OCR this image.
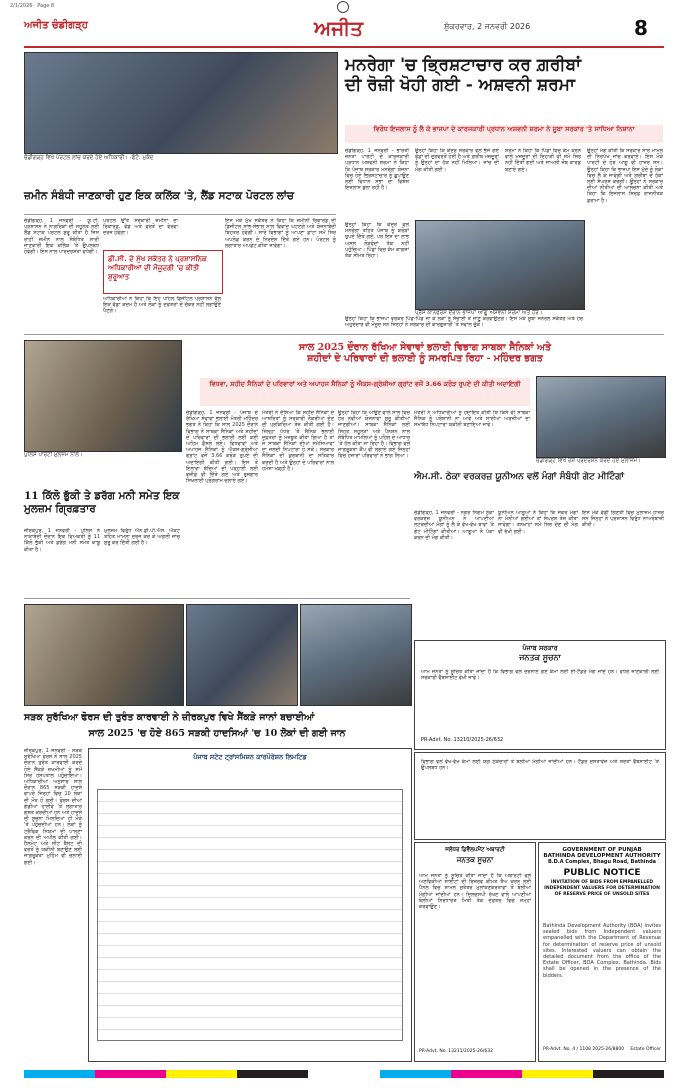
2/1/2026 · Page 8
ਅਜੀਤ ਚੰਡੀਗੜ੍ਹ	ਅਜੀਤ	ਸ਼ੁੱਕਰਵਾਰ, 2 ਜਨਵਰੀ 2026	8
ਚੰਡੀਗੜ੍ਹ ਵਿਖੇ ਪੋਰਟਲ ਲਾਂਚ ਕਰਦੇ ਹੋਏ ਅਧਿਕਾਰੀ। -ਫੋਟੋ: ਮੁਕੰਦ
ਮਨਰੇਗਾ 'ਚ ਭ੍ਰਿਸ਼ਟਾਚਾਰ ਕਰ ਗ਼ਰੀਬਾਂ
ਦੀ ਰੋਜ਼ੀ ਖੋਹੀ ਗਈ - ਅਸ਼ਵਨੀ ਸ਼ਰਮਾ
ਵਿਰੋਧ ਇਜਲਾਸ ਨੂੰ ਲੈ ਕੇ ਭਾਜਪਾ ਦੇ ਕਾਰਜਕਾਰੀ ਪ੍ਰਧਾਨ ਅਸ਼ਵਨੀ ਸ਼ਰਮਾ ਨੇ ਸੂਬਾ ਸਰਕਾਰ 'ਤੇ ਸਾਧਿਆ ਨਿਸ਼ਾਨਾ
ਚੰਡੀਗੜ੍ਹ, 1 ਜਨਵਰੀ - ਭਾਰਤੀ ਜਨਤਾ ਪਾਰਟੀ ਦੇ ਕਾਰਜਕਾਰੀ ਪ੍ਰਧਾਨ ਅਸ਼ਵਨੀ ਸ਼ਰਮਾ ਨੇ ਕਿਹਾ ਕਿ ਪੰਜਾਬ ਸਰਕਾਰ ਮਨਰੇਗਾ ਯੋਜਨਾ ਵਿਚ ਹੋਏ ਭ੍ਰਿਸ਼ਟਾਚਾਰ ਨੂੰ ਛੁਪਾਉਣ ਲਈ ਵਿਧਾਨ ਸਭਾ ਦਾ ਵਿਸ਼ੇਸ਼ ਇਜਲਾਸ ਬੁਲਾ ਰਹੀ ਹੈ।
ਉਨ੍ਹਾਂ ਕਿਹਾ ਕਿ ਕੇਂਦਰ ਸਰਕਾਰ ਵਲੋਂ ਭੇਜੇ ਗਏ ਫੰਡਾਂ ਦੀ ਦੁਰਵਰਤੋਂ ਹੋਈ ਹੈ ਅਤੇ ਗ਼ਰੀਬ ਮਜ਼ਦੂਰਾਂ ਨੂੰ ਉਨ੍ਹਾਂ ਦਾ ਹੱਕ ਨਹੀਂ ਮਿਲਿਆ। ਜਾਂਚ ਦੀ ਮੰਗ ਕੀਤੀ ਗਈ।
ਸ਼ਰਮਾ ਨੇ ਕਿਹਾ ਕਿ ਪਿੰਡਾਂ ਵਿਚ ਕੰਮ ਕਰਨ ਵਾਲੇ ਮਜ਼ਦੂਰਾਂ ਦੀ ਦਿਹਾੜੀ ਵੀ ਸਮੇਂ ਸਿਰ ਨਹੀਂ ਦਿੱਤੀ ਗਈ ਅਤੇ ਜਾਅਲੀ ਜੌਬ ਕਾਰਡ ਬਣਾਏ ਗਏ।
ਉਨ੍ਹਾਂ ਮੰਗ ਕੀਤੀ ਕਿ ਸਰਕਾਰ ਸਾਰੇ ਮਾਮਲੇ ਦੀ ਨਿਰਪੱਖ ਜਾਂਚ ਕਰਵਾਏ। ਇਸ ਮੌਕੇ ਪਾਰਟੀ ਦੇ ਹੋਰ ਆਗੂ ਵੀ ਹਾਜ਼ਰ ਸਨ। ਉਨ੍ਹਾਂ ਕਿਹਾ ਕਿ ਭਾਜਪਾ ਇਸ ਮੁੱਦੇ ਨੂੰ ਲੋਕਾਂ ਵਿਚ ਲੈ ਕੇ ਜਾਵੇਗੀ ਅਤੇ ਗ਼ਰੀਬਾਂ ਦੇ ਹੱਕਾਂ ਲਈ ਸੰਘਰਸ਼ ਕਰੇਗੀ। ਉਨ੍ਹਾਂ ਨੇ ਸਰਕਾਰ ਦੀਆਂ ਨੀਤੀਆਂ ਦੀ ਆਲੋਚਨਾ ਕੀਤੀ ਅਤੇ ਕਿਹਾ ਕਿ ਇਜਲਾਸ ਸਿਰਫ਼ ਰਾਜਨੀਤਕ ਡਰਾਮਾ ਹੈ।
ਪ੍ਰੈੱਸ ਕਾਨਫਰੰਸ ਦੌਰਾਨ ਭਾਜਪਾ ਆਗੂ ਅਸ਼ਵਨੀ ਸ਼ਰਮਾ ਅਤੇ ਹੋਰ।
ਉਨ੍ਹਾਂ ਕਿਹਾ ਕਿ ਕੇਂਦਰ ਵਲੋਂ ਮਨਰੇਗਾ ਤਹਿਤ ਪੰਜਾਬ ਨੂੰ ਕਰੋੜਾਂ ਰੁਪਏ ਦਿੱਤੇ ਗਏ, ਪਰ ਇਸ ਦਾ ਲਾਭ ਅਸਲ ਲੋੜਵੰਦਾਂ ਤੱਕ ਨਹੀਂ ਪਹੁੰਚਿਆ। ਪਿੰਡਾਂ ਵਿਚ ਕੰਮ ਕਾਗਜ਼ਾਂ ਤੱਕ ਸੀਮਤ ਰਿਹਾ।
ਉਨ੍ਹਾਂ ਕਿਹਾ ਕਿ ਭਾਜਪਾ ਵਰਕਰ ਪਿੰਡ-ਪਿੰਡ ਜਾ ਕੇ ਲੋਕਾਂ ਨੂੰ ਸੱਚਾਈ ਤੋਂ ਜਾਣੂ ਕਰਵਾਉਣਗੇ। ਇਸ ਮੌਕੇ ਸੂਬਾ ਜਨਰਲ ਸਕੱਤਰ ਅਤੇ ਹੋਰ ਅਹੁਦੇਦਾਰ ਵੀ ਮੌਜੂਦ ਸਨ ਜਿਨ੍ਹਾਂ ਨੇ ਸਰਕਾਰ ਦੀ ਕਾਰਗੁਜ਼ਾਰੀ 'ਤੇ ਸਵਾਲ ਚੁੱਕੇ।
ਜ਼ਮੀਨ ਸੰਬੰਧੀ ਜਾਣਕਾਰੀ ਹੁਣ ਇਕ ਕਲਿੱਕ 'ਤੇ, ਲੈਂਡ ਸਟਾਕ ਪੋਰਟਲ ਲਾਂਚ
ਚੰਡੀਗੜ੍ਹ, 1 ਜਨਵਰੀ - ਯੂ.ਟੀ. ਪ੍ਰਸ਼ਾਸਨ ਨੇ ਨਾਗਰਿਕਾਂ ਦੀ ਸਹੂਲਤ ਲਈ ਲੈਂਡ ਸਟਾਕ ਪੋਰਟਲ ਸ਼ੁਰੂ ਕੀਤਾ ਹੈ ਜਿਸ ਰਾਹੀਂ ਜ਼ਮੀਨ ਨਾਲ ਸੰਬੰਧਿਤ ਸਾਰੀ ਜਾਣਕਾਰੀ ਇਕ ਕਲਿੱਕ 'ਤੇ ਉਪਲਬਧ ਹੋਵੇਗੀ। ਇਸ ਨਾਲ ਪਾਰਦਰਸ਼ਤਾ ਵਧੇਗੀ।
ਪੋਰਟਲ ਉੱਤੇ ਸਰਕਾਰੀ ਜ਼ਮੀਨਾਂ ਦਾ ਰਿਕਾਰਡ, ਵੰਡ ਅਤੇ ਵਰਤੋਂ ਦਾ ਵੇਰਵਾ ਦਰਜ ਹੋਵੇਗਾ।
ਡੀ.ਸੀ. ਦੇ ਮੁੱਖ ਸਕੱਤਰ ਨੇ ਪ੍ਰਸ਼ਾਸਨਿਕ ਅਧਿਕਾਰੀਆਂ ਦੀ ਮੌਜੂਦਗੀ 'ਚ ਕੀਤੀ ਸ਼ੁਰੂਆਤ
ਅਧਿਕਾਰੀਆਂ ਨੇ ਕਿਹਾ ਕਿ ਇਹ ਪਹਿਲ ਡਿਜੀਟਲ ਪ੍ਰਸ਼ਾਸਨ ਵੱਲ ਇਕ ਵੱਡਾ ਕਦਮ ਹੈ ਅਤੇ ਲੋਕਾਂ ਨੂੰ ਦਫ਼ਤਰਾਂ ਦੇ ਚੱਕਰ ਨਹੀਂ ਲਗਾਉਣੇ ਪੈਣਗੇ।
ਇਸ ਮੌਕੇ ਮੁੱਖ ਸਕੱਤਰ ਨੇ ਕਿਹਾ ਕਿ ਜ਼ਮੀਨੀ ਰਿਕਾਰਡ ਦੀ ਡਿਜੀਟਲ ਸਾਂਭ-ਸੰਭਾਲ ਨਾਲ ਵਿਵਾਦ ਘਟਣਗੇ ਅਤੇ ਯੋਜਨਾਬੰਦੀ ਬਿਹਤਰ ਹੋਵੇਗੀ। ਸਾਰੇ ਵਿਭਾਗਾਂ ਨੂੰ ਆਪਣਾ ਡਾਟਾ ਸਮੇਂ ਸਿਰ ਅਪਲੋਡ ਕਰਨ ਦੇ ਨਿਰਦੇਸ਼ ਦਿੱਤੇ ਗਏ ਹਨ। ਪੋਰਟਲ ਨੂੰ ਲਗਾਤਾਰ ਅਪਡੇਟ ਕੀਤਾ ਜਾਵੇਗਾ।
ਪੁਲਿਸ ਪਾਰਟੀ ਮੁਲਜ਼ਮ ਨਾਲ।
ਸਾਲ 2025 ਦੌਰਾਨ ਰੱਖਿਆ ਸੇਵਾਵਾਂ ਭਲਾਈ ਵਿਭਾਗ ਸਾਬਕਾ ਸੈਨਿਕਾਂ ਅਤੇ
ਸ਼ਹੀਦਾਂ ਦੇ ਪਰਿਵਾਰਾਂ ਦੀ ਭਲਾਈ ਨੂੰ ਸਮਰਪਿਤ ਰਿਹਾ - ਮਹਿੰਦਰ ਭਗਤ
ਵਿਧਵਾ, ਸ਼ਹੀਦ ਸੈਨਿਕਾਂ ਦੇ ਪਰਿਵਾਰਾਂ ਅਤੇ ਅਪਾਹਜ ਸੈਨਿਕਾਂ ਨੂੰ ਐਕਸ-ਗ੍ਰੇਸ਼ੀਆ ਗ੍ਰਾਂਟ ਵਜੋਂ 3.66 ਕਰੋੜ ਰੁਪਏ ਦੀ ਕੀਤੀ ਅਦਾਇਗੀ
ਚੰਡੀਗੜ੍ਹ ਵਿਖੇ ਰੋਸ ਪ੍ਰਦਰਸ਼ਨ ਕਰਦੇ ਹੋਏ ਮੁਲਾਜ਼ਮ।
ਚੰਡੀਗੜ੍ਹ, 1 ਜਨਵਰੀ - ਪੰਜਾਬ ਦੇ ਰੱਖਿਆ ਸੇਵਾਵਾਂ ਭਲਾਈ ਮੰਤਰੀ ਮਹਿੰਦਰ ਭਗਤ ਨੇ ਕਿਹਾ ਕਿ ਸਾਲ 2025 ਦੌਰਾਨ ਵਿਭਾਗ ਨੇ ਸਾਬਕਾ ਸੈਨਿਕਾਂ ਅਤੇ ਸ਼ਹੀਦਾਂ ਦੇ ਪਰਿਵਾਰਾਂ ਦੀ ਭਲਾਈ ਲਈ ਕਈ ਅਹਿਮ ਫ਼ੈਸਲੇ ਲਏ। ਵਿਧਵਾਵਾਂ ਅਤੇ ਅਪਾਹਜ ਸੈਨਿਕਾਂ ਨੂੰ ਐਕਸ-ਗ੍ਰੇਸ਼ੀਆ ਗ੍ਰਾਂਟ ਵਜੋਂ 3.66 ਕਰੋੜ ਰੁਪਏ ਦੀ ਅਦਾਇਗੀ ਕੀਤੀ ਗਈ। ਇਸ ਤੋਂ ਇਲਾਵਾ ਬੱਚਿਆਂ ਦੀ ਪੜ੍ਹਾਈ ਲਈ ਵਜ਼ੀਫ਼ੇ ਵੀ ਦਿੱਤੇ ਗਏ ਅਤੇ ਰੁਜ਼ਗਾਰ ਸਿਖਲਾਈ ਪ੍ਰੋਗਰਾਮ ਚਲਾਏ ਗਏ।
ਮੰਤਰੀ ਨੇ ਦੱਸਿਆ ਕਿ ਸ਼ਹੀਦ ਸੈਨਿਕਾਂ ਦੇ ਆਸ਼ਰਿਤਾਂ ਨੂੰ ਸਰਕਾਰੀ ਨੌਕਰੀਆਂ ਦੇਣ ਦੀ ਪ੍ਰਕਿਰਿਆ ਤੇਜ਼ ਕੀਤੀ ਗਈ ਹੈ। ਜ਼ਿਲ੍ਹਾ ਪੱਧਰ 'ਤੇ ਸੈਨਿਕ ਭਲਾਈ ਦਫ਼ਤਰਾਂ ਨੂੰ ਮਜ਼ਬੂਤ ਕੀਤਾ ਗਿਆ ਹੈ ਤਾਂ ਜੋ ਸਾਬਕਾ ਸੈਨਿਕਾਂ ਦੀਆਂ ਸਮੱਸਿਆਵਾਂ ਦਾ ਜਲਦੀ ਨਿਪਟਾਰਾ ਹੋ ਸਕੇ। ਸਰਕਾਰ ਸੈਨਿਕਾਂ ਦੀ ਕੁਰਬਾਨੀ ਦਾ ਸਤਿਕਾਰ ਕਰਦੀ ਹੈ ਅਤੇ ਉਨ੍ਹਾਂ ਦੇ ਪਰਿਵਾਰਾਂ ਨਾਲ ਹਮੇਸ਼ਾ ਖੜ੍ਹੀ ਹੈ।
ਉਨ੍ਹਾਂ ਕਿਹਾ ਕਿ ਆਉਣ ਵਾਲੇ ਸਾਲ ਵਿਚ ਹੋਰ ਨਵੀਆਂ ਯੋਜਨਾਵਾਂ ਸ਼ੁਰੂ ਕੀਤੀਆਂ ਜਾਣਗੀਆਂ। ਸਾਬਕਾ ਸੈਨਿਕਾਂ ਲਈ ਸਿਹਤ ਸਹੂਲਤਾਂ ਅਤੇ ਪੈਨਸ਼ਨ ਨਾਲ ਸੰਬੰਧਿਤ ਮਾਮਲਿਆਂ ਨੂੰ ਪਹਿਲ ਦੇ ਆਧਾਰ 'ਤੇ ਹੱਲ ਕੀਤਾ ਜਾ ਰਿਹਾ ਹੈ। ਵਿਭਾਗ ਵਲੋਂ ਜਾਗਰੂਕਤਾ ਕੈਂਪ ਵੀ ਲਗਾਏ ਗਏ ਜਿਨ੍ਹਾਂ ਵਿਚ ਹਜ਼ਾਰਾਂ ਪਰਿਵਾਰਾਂ ਨੇ ਭਾਗ ਲਿਆ।
ਮੰਤਰੀ ਨੇ ਅਧਿਕਾਰੀਆਂ ਨੂੰ ਹਦਾਇਤ ਕੀਤੀ ਕਿ ਕਿਸੇ ਵੀ ਸਾਬਕਾ ਸੈਨਿਕ ਨੂੰ ਪਰੇਸ਼ਾਨੀ ਨਾ ਆਵੇ ਅਤੇ ਸਾਰੀਆਂ ਅਰਜ਼ੀਆਂ ਦਾ ਸਮਾਂਬੱਧ ਨਿਪਟਾਰਾ ਯਕੀਨੀ ਬਣਾਇਆ ਜਾਵੇ।
11 ਕਿੱਲੋ ਭੁੱਕੀ ਤੇ ਡਰੱਗ ਮਨੀ ਸਮੇਤ ਇਕ ਮੁਲਜ਼ਮ ਗ੍ਰਿਫ਼ਤਾਰ
ਜ਼ੀਰਕਪੁਰ, 1 ਜਨਵਰੀ - ਪੁਲਿਸ ਨੇ ਨਾਕਾਬੰਦੀ ਦੌਰਾਨ ਇਕ ਵਿਅਕਤੀ ਨੂੰ 11 ਕਿੱਲੋ ਭੁੱਕੀ ਅਤੇ ਡਰੱਗ ਮਨੀ ਸਮੇਤ ਕਾਬੂ ਕੀਤਾ ਹੈ।
ਮੁਲਜ਼ਮ ਵਿਰੁੱਧ ਐਨ.ਡੀ.ਪੀ.ਐਸ. ਐਕਟ ਤਹਿਤ ਮਾਮਲਾ ਦਰਜ ਕਰ ਕੇ ਅਗਲੀ ਜਾਂਚ ਸ਼ੁਰੂ ਕਰ ਦਿੱਤੀ ਗਈ ਹੈ।
ਐਮ.ਸੀ. ਠੇਕਾ ਵਰਕਰਜ਼ ਯੂਨੀਅਨ ਵਲੋਂ ਮੰਗਾਂ ਸੰਬੰਧੀ ਗੇਟ ਮੀਟਿੰਗਾਂ
ਚੰਡੀਗੜ੍ਹ, 1 ਜਨਵਰੀ - ਨਗਰ ਨਿਗਮ ਠੇਕਾ ਵਰਕਰਜ਼ ਯੂਨੀਅਨ ਨੇ ਆਪਣੀਆਂ ਲਟਕਦੀਆਂ ਮੰਗਾਂ ਨੂੰ ਲੈ ਕੇ ਵੱਖ-ਵੱਖ ਥਾਵਾਂ 'ਤੇ ਗੇਟ ਮੀਟਿੰਗਾਂ ਕੀਤੀਆਂ। ਆਗੂਆਂ ਨੇ ਪੱਕਾ ਕਰਨ ਦੀ ਮੰਗ ਕੀਤੀ।
ਯੂਨੀਅਨ ਆਗੂਆਂ ਨੇ ਕਿਹਾ ਕਿ ਜੇਕਰ ਮੰਗਾਂ ਨਾ ਮੰਨੀਆਂ ਗਈਆਂ ਤਾਂ ਸੰਘਰਸ਼ ਤੇਜ਼ ਕੀਤਾ ਜਾਵੇਗਾ। ਤਨਖ਼ਾਹਾਂ ਸਮੇਂ ਸਿਰ ਦੇਣ ਦੀ ਮੰਗ ਵੀ ਰੱਖੀ ਗਈ।
ਇਸ ਮੌਕੇ ਵੱਡੀ ਗਿਣਤੀ ਵਿਚ ਮੁਲਾਜ਼ਮ ਹਾਜ਼ਰ ਸਨ ਜਿਨ੍ਹਾਂ ਨੇ ਪ੍ਰਸ਼ਾਸਨ ਵਿਰੁੱਧ ਨਾਅਰੇਬਾਜ਼ੀ ਕੀਤੀ।
ਸੜਕ ਸੁਰੱਖਿਆ ਫੋਰਸ ਦੀ ਤੁਰੰਤ ਕਾਰਵਾਈ ਨੇ ਜ਼ੀਰਕਪੁਰ ਵਿਖੇ ਸੈਂਕੜੇ ਜਾਨਾਂ ਬਚਾਈਆਂ
ਸਾਲ 2025 'ਚ ਹੋਏ 865 ਸੜਕੀ ਹਾਦਸਿਆਂ 'ਚ 10 ਲੋਕਾਂ ਦੀ ਗਈ ਜਾਨ
ਜ਼ੀਰਕਪੁਰ, 1 ਜਨਵਰੀ - ਸੜਕ ਸੁਰੱਖਿਆ ਫੋਰਸ ਨੇ ਸਾਲ 2025 ਦੌਰਾਨ ਤੁਰੰਤ ਕਾਰਵਾਈ ਕਰਦੇ ਹੋਏ ਸੈਂਕੜੇ ਜ਼ਖਮੀਆਂ ਨੂੰ ਸਮੇਂ ਸਿਰ ਹਸਪਤਾਲ ਪਹੁੰਚਾਇਆ। ਅਧਿਕਾਰੀਆਂ ਅਨੁਸਾਰ ਸਾਲ ਦੌਰਾਨ 865 ਸੜਕੀ ਹਾਦਸੇ ਵਾਪਰੇ ਜਿਨ੍ਹਾਂ ਵਿਚ 10 ਲੋਕਾਂ ਦੀ ਮੌਤ ਹੋ ਗਈ। ਫੋਰਸ ਦੀਆਂ ਗੱਡੀਆਂ ਹਾਈਵੇ 'ਤੇ ਲਗਾਤਾਰ ਗਸ਼ਤ ਕਰਦੀਆਂ ਹਨ ਅਤੇ ਹਾਦਸੇ ਦੀ ਸੂਚਨਾ ਮਿਲਦਿਆਂ ਹੀ ਮੌਕੇ 'ਤੇ ਪਹੁੰਚਦੀਆਂ ਹਨ। ਲੋਕਾਂ ਨੂੰ ਟ੍ਰੈਫਿਕ ਨਿਯਮਾਂ ਦੀ ਪਾਲਣਾ ਕਰਨ ਦੀ ਅਪੀਲ ਕੀਤੀ ਗਈ। ਹੈਲਮੇਟ ਅਤੇ ਸੀਟ ਬੈਲਟ ਦੀ ਵਰਤੋਂ ਨੂੰ ਯਕੀਨੀ ਬਣਾਉਣ ਲਈ ਜਾਗਰੂਕਤਾ ਮੁਹਿੰਮ ਵੀ ਚਲਾਈ ਗਈ।
ਪੰਜਾਬ ਸਟੇਟ ਟ੍ਰਾਂਸਮਿਸ਼ਨ ਕਾਰਪੋਰੇਸ਼ਨ ਲਿਮਟਿਡ
ਪੰਜਾਬ ਸਰਕਾਰ
ਜਨਤਕ ਸੂਚਨਾ
ਆਮ ਜਨਤਾ ਨੂੰ ਸੂਚਿਤ ਕੀਤਾ ਜਾਂਦਾ ਹੈ ਕਿ ਵਿਭਾਗ ਵਲੋਂ ਦਰਸਾਏ ਗਏ ਕੰਮਾਂ ਲਈ ਈ-ਟੈਂਡਰ ਮੰਗੇ ਜਾਂਦੇ ਹਨ। ਵਧੇਰੇ ਜਾਣਕਾਰੀ ਲਈ ਸਰਕਾਰੀ ਵੈੱਬਸਾਈਟ ਵੇਖੀ ਜਾਵੇ।
PR-Advt. No. 13210/2025-26/632
ਵਿਭਾਗ ਵਲੋਂ ਵੱਖ-ਵੱਖ ਕੰਮਾਂ ਲਈ ਯੋਗ ਠੇਕੇਦਾਰਾਂ ਤੋਂ ਬੋਲੀਆਂ ਮੰਗੀਆਂ ਜਾਂਦੀਆਂ ਹਨ। ਟੈਂਡਰ ਦਸਤਾਵੇਜ਼ ਅਤੇ ਸ਼ਰਤਾਂ ਵੈੱਬਸਾਈਟ 'ਤੇ ਉਪਲਬਧ ਹਨ।
ਜਲੰਧਰ ਡਿਵੈਲਪਮੈਂਟ ਅਥਾਰਟੀ
ਜਨਤਕ ਸੂਚਨਾ
ਆਮ ਜਨਤਾ ਨੂੰ ਸੂਚਿਤ ਕੀਤਾ ਜਾਂਦਾ ਹੈ ਕਿ ਅਥਾਰਟੀ ਵਲੋਂ ਅਣਵਿਕੀਆਂ ਸਾਈਟਾਂ ਦੀ ਰਿਜ਼ਰਵ ਕੀਮਤ ਤੈਅ ਕਰਨ ਲਈ ਪੈਨਲ ਵਿਚ ਸ਼ਾਮਲ ਸੁਤੰਤਰ ਮੁਲਾਂਕਣਕਰਤਾਵਾਂ ਤੋਂ ਬੋਲੀਆਂ ਮੰਗੀਆਂ ਜਾਂਦੀਆਂ ਹਨ। ਦਿਲਚਸਪੀ ਰੱਖਣ ਵਾਲੇ ਆਪਣੀਆਂ ਬੋਲੀਆਂ ਨਿਰਧਾਰਤ ਮਿਤੀ ਤੱਕ ਦਫ਼ਤਰ ਵਿਚ ਜਮ੍ਹਾਂ ਕਰਵਾਉਣ।
PR-Advt. No. 13211/2025-26/632
GOVERNMENT OF PUNJAB
BATHINDA DEVELOPMENT AUTHORITY
B.D.A Complex, Bhagu Road, Bathinda
PUBLIC NOTICE
INVITATION OF BIDS FROM EMPANELLED INDEPENDENT VALUERS FOR DETERMINATION OF RESERVE PRICE OF UNSOLD SITES
Bathinda Development Authority (BDA) invites sealed bids from Independent valuers empanelled with the Department of Revenue for determination of reserve price of unsold sites. Interested valuers can obtain the detailed document from the office of the Estate Officer, BDA Complex, Bathinda. Bids shall be opened in the presence of the bidders.
PR-Advt. No. 4 / 1108 2025-26/8800 Estate Officer
